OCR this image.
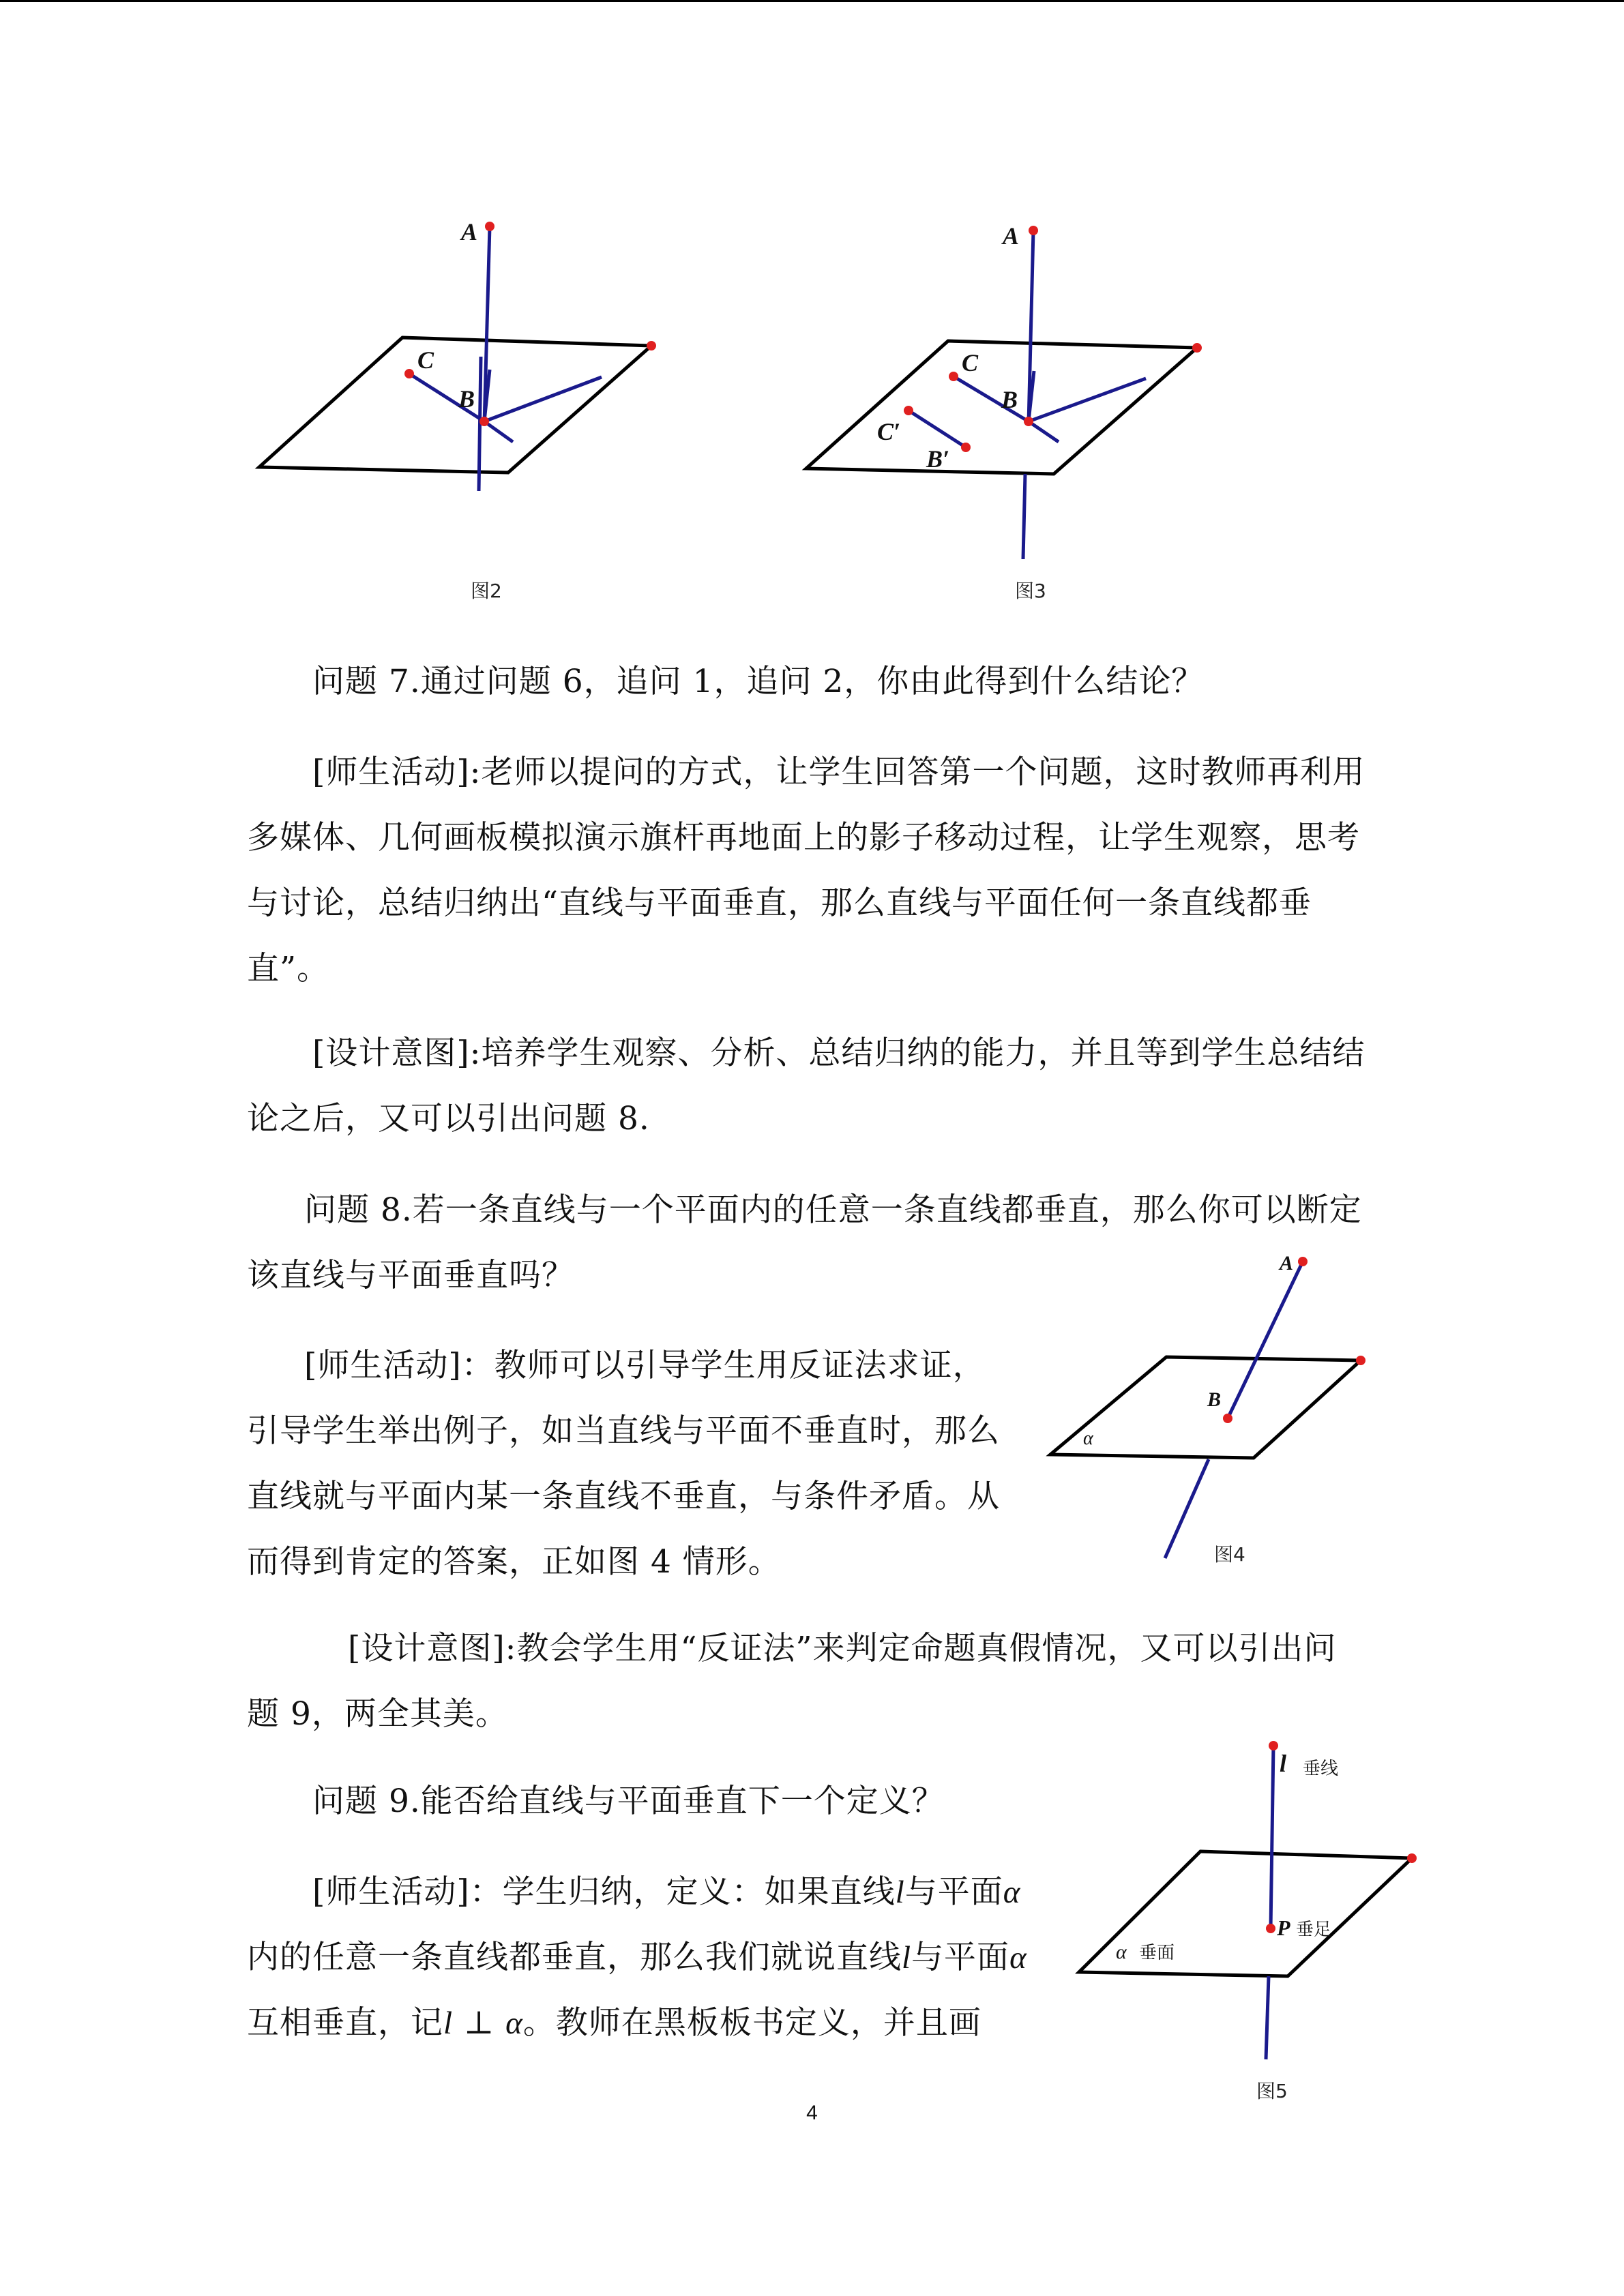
A
C
B
图2
A
C
B
C′
B′
图3

问题 7.通过问题 6，追问 1，追问 2，你由此得到什么结论？

[师生活动]:老师以提问的方式，让学生回答第一个问题，这时教师再利用多媒体、几何画板模拟演示旗杆再地面上的影子移动过程，让学生观察，思考与讨论，总结归纳出“直线与平面垂直，那么直线与平面任何一条直线都垂直”。

[设计意图]:培养学生观察、分析、总结归纳的能力，并且等到学生总结结论之后，又可以引出问题 8.

问题 8.若一条直线与一个平面内的任意一条直线都垂直，那么你可以断定该直线与平面垂直吗？	A
B
α
图4

[师生活动]：教师可以引导学生用反证法求证，引导学生举出例子，如当直线与平面不垂直时，那么直线就与平面内某一条直线不垂直，与条件矛盾。从而得到肯定的答案，正如图 4 情形。

[设计意图]:教会学生用“反证法”来判定命题真假情况，又可以引出问题 9，两全其美。

问题 9.能否给直线与平面垂直下一个定义？

l 垂线
P 垂足
α 垂面
图5

[师生活动]：学生归纳，定义：如果直线l与平面α内的任意一条直线都垂直，那么我们就说直线l与平面α互相垂直，记l ⊥ α。教师在黑板板书定义，并且画

4
